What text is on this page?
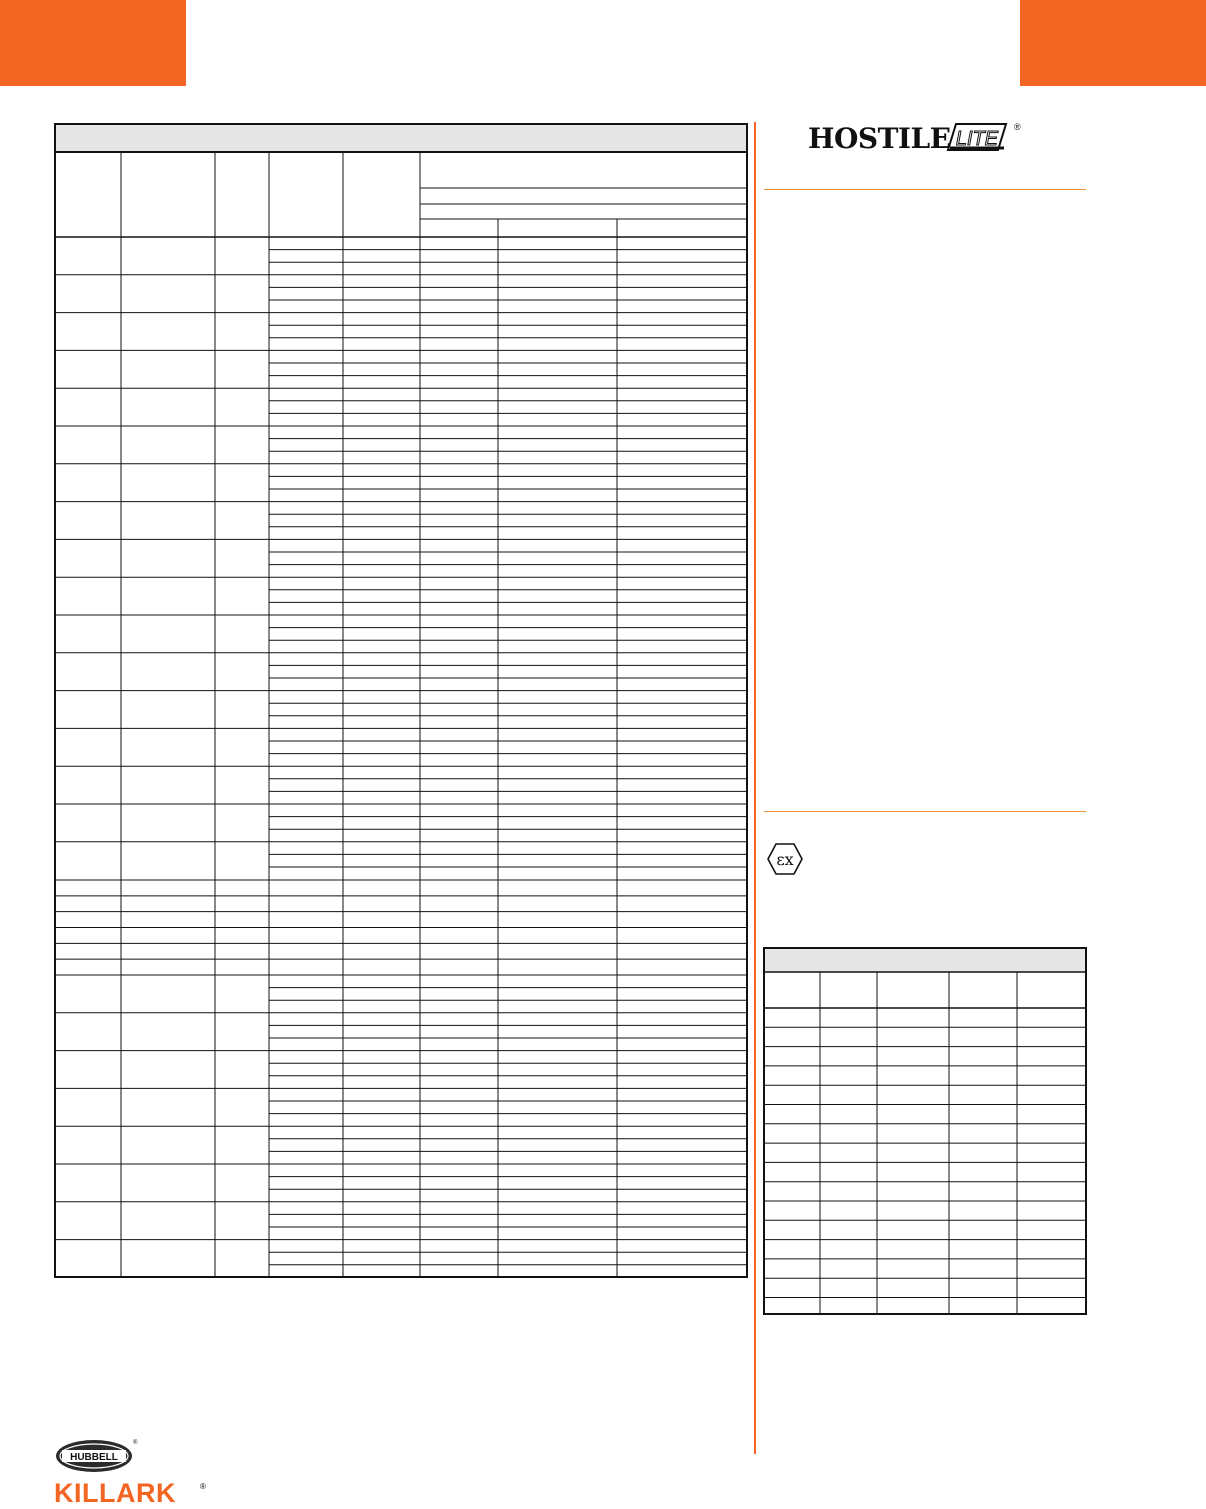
HOSTILE LITE
®
εx
HUBBELL
®
KILLARK	®
